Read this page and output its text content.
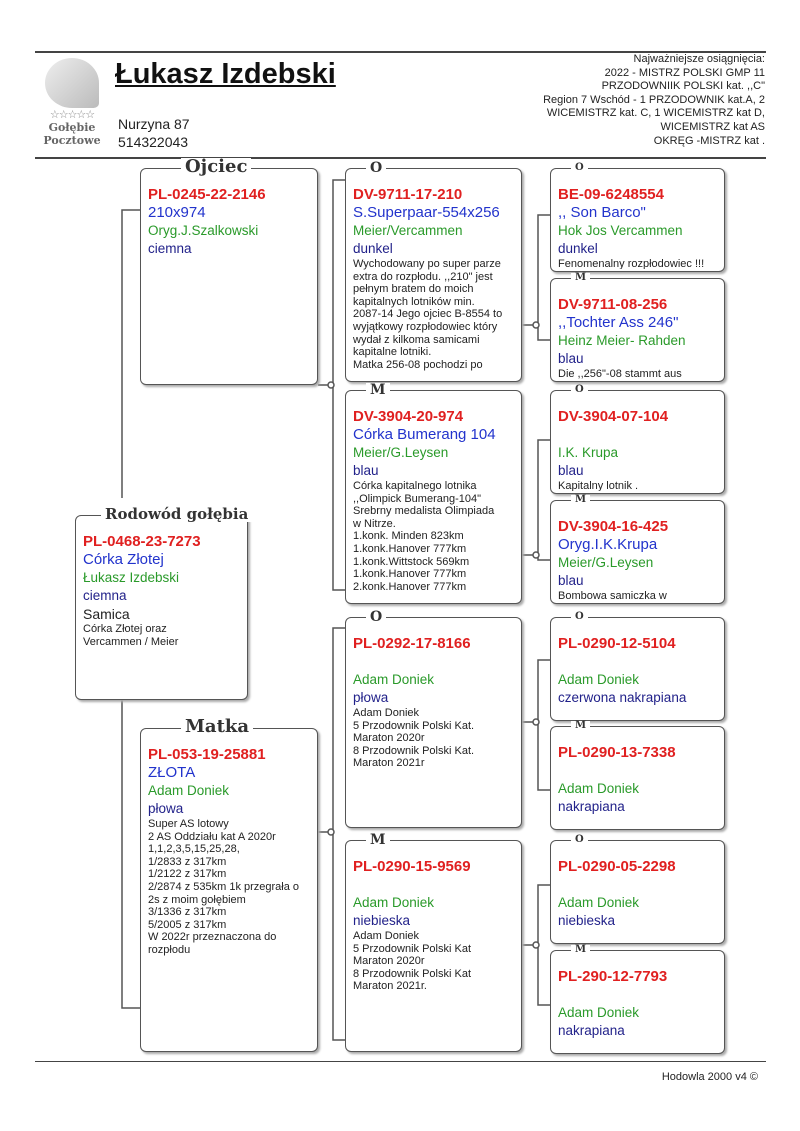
☆☆☆☆☆
Gołębie
Pocztowe
Łukasz Izdebski
Nurzyna 87
514322043
Najważniejsze osiągnięcia:
2022 - MISTRZ POLSKI GMP 11
PRZODOWNIIK POLSKI kat. ,,C"
Region 7 Wschód - 1 PRZODOWNIK kat.A, 2
WICEMISTRZ kat. C, 1 WICEMISTRZ kat D,
WICEMISTRZ kat AS
OKRĘG -MISTRZ kat .
Rodowód gołębia
PL-0468-23-7273
Córka Złotej
Łukasz Izdebski
ciemna
Samica
Córka Złotej oraz
Vercammen / Meier
Ojciec
PL-0245-22-2146
210x974
Oryg.J.Szalkowski
ciemna
Matka
PL-053-19-25881
ZŁOTA
Adam Doniek
płowa
Super AS lotowy
2 AS Oddziału kat A 2020r
1,1,2,3,5,15,25,28,
1/2833 z 317km
1/2122 z 317km
2/2874 z 535km 1k przegrała o
2s z moim gołębiem
3/1336 z 317km
5/2005 z 317km
W 2022r przeznaczona do
rozpłodu
O
DV-9711-17-210
S.Superpaar-554x256
Meier/Vercammen
dunkel
Wychodowany po super parze
extra do rozpłodu. ,,210" jest
pełnym bratem do moich
kapitalnych lotników min.
2087-14 Jego ojciec B-8554 to
wyjątkowy rozpłodowiec który
wydał z kilkoma samicami
kapitalne lotniki.
Matka 256-08 pochodzi po
M
DV-3904-20-974
Córka Bumerang 104
Meier/G.Leysen
blau
Córka kapitalnego lotnika
,,Olimpick Bumerang-104"
Srebrny medalista Olimpiada
w Nitrze.
1.konk. Minden 823km
1.konk.Hanover 777km
1.konk.Wittstock 569km
1.konk.Hanover 777km
2.konk.Hanover 777km
O
PL-0292-17-8166
Adam Doniek
płowa
Adam Doniek
5 Przodownik Polski Kat.
Maraton 2020r
8 Przodownik Polski Kat.
Maraton 2021r
M
PL-0290-15-9569
Adam Doniek
niebieska
Adam Doniek
5 Przodownik Polski Kat
Maraton 2020r
8 Przodownik Polski Kat
Maraton 2021r.
O
BE-09-6248554
,, Son Barco"
Hok Jos Vercammen
dunkel
Fenomenalny rozpłodowiec !!!
M
DV-9711-08-256
,,Tochter Ass 246"
Heinz Meier- Rahden
blau
Die ,,256"-08 stammt aus
O
DV-3904-07-104
I.K. Krupa
blau
Kapitalny lotnik .
M
DV-3904-16-425
Oryg.I.K.Krupa
Meier/G.Leysen
blau
Bombowa samiczka w
O
PL-0290-12-5104
Adam Doniek
czerwona nakrapiana
M
PL-0290-13-7338
Adam Doniek
nakrapiana
O
PL-0290-05-2298
Adam Doniek
niebieska
M
PL-290-12-7793
Adam Doniek
nakrapiana
Hodowla 2000 v4 ©
